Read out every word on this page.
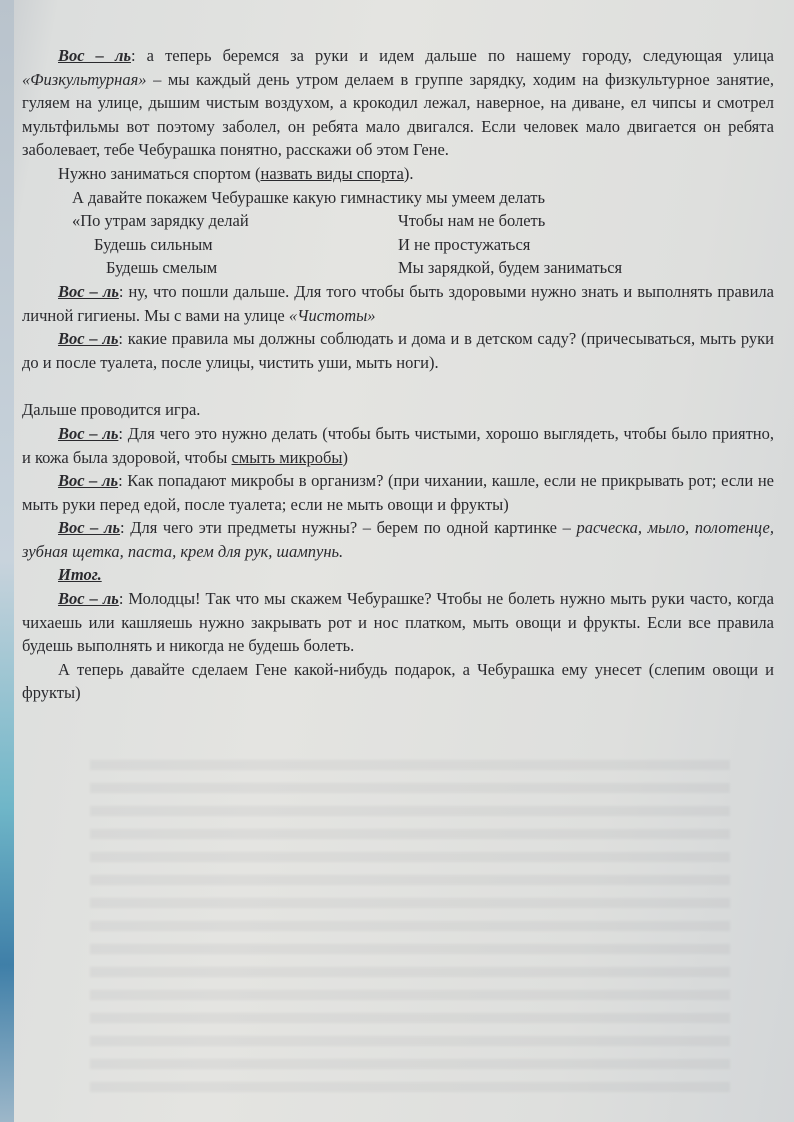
Вос – ль: а теперь беремся за руки и идем дальше по нашему городу, следующая улица «Физкультурная» – мы каждый день утром делаем в группе зарядку, ходим на физкультурное занятие, гуляем на улице, дышим чистым воздухом, а крокодил лежал, наверное, на диване, ел чипсы и смотрел мультфильмы вот поэтому заболел, он ребята мало двигался. Если человек мало двигается он ребята заболевает, тебе Чебурашка понятно, расскажи об этом Гене.

Нужно заниматься спортом (назвать виды спорта).

А давайте покажем Чебурашке какую гимнастику мы умеем делать

«По утрам зарядку делай	Чтобы нам не болеть
Будешь сильным	И не простужаться
Будешь смелым	Мы зарядкой, будем заниматься

Вос – ль: ну, что пошли дальше. Для того чтобы быть здоровыми нужно знать и выполнять правила личной гигиены. Мы с вами на улице «Чистоты»

Вос – ль: какие правила мы должны соблюдать и дома и в детском саду? (причесываться, мыть руки до и после туалета, после улицы, чистить уши, мыть ноги).

Дальше проводится игра.

Вос – ль: Для чего это нужно делать (чтобы быть чистыми, хорошо выглядеть, чтобы было приятно, и кожа была здоровой, чтобы смыть микробы)

Вос – ль: Как попадают микробы в организм? (при чихании, кашле, если не прикрывать рот; если не мыть руки перед едой, после туалета; если не мыть овощи и фрукты)

Вос – ль: Для чего эти предметы нужны? – берем по одной картинке – расческа, мыло, полотенце, зубная щетка, паста, крем для рук, шампунь.

Итог.

Вос – ль: Молодцы! Так что мы скажем Чебурашке? Чтобы не болеть нужно мыть руки часто, когда чихаешь или кашляешь нужно закрывать рот и нос платком, мыть овощи и фрукты. Если все правила будешь выполнять и никогда не будешь болеть.

А теперь давайте сделаем Гене какой-нибудь подарок, а Чебурашка ему унесет (слепим овощи и фрукты)
